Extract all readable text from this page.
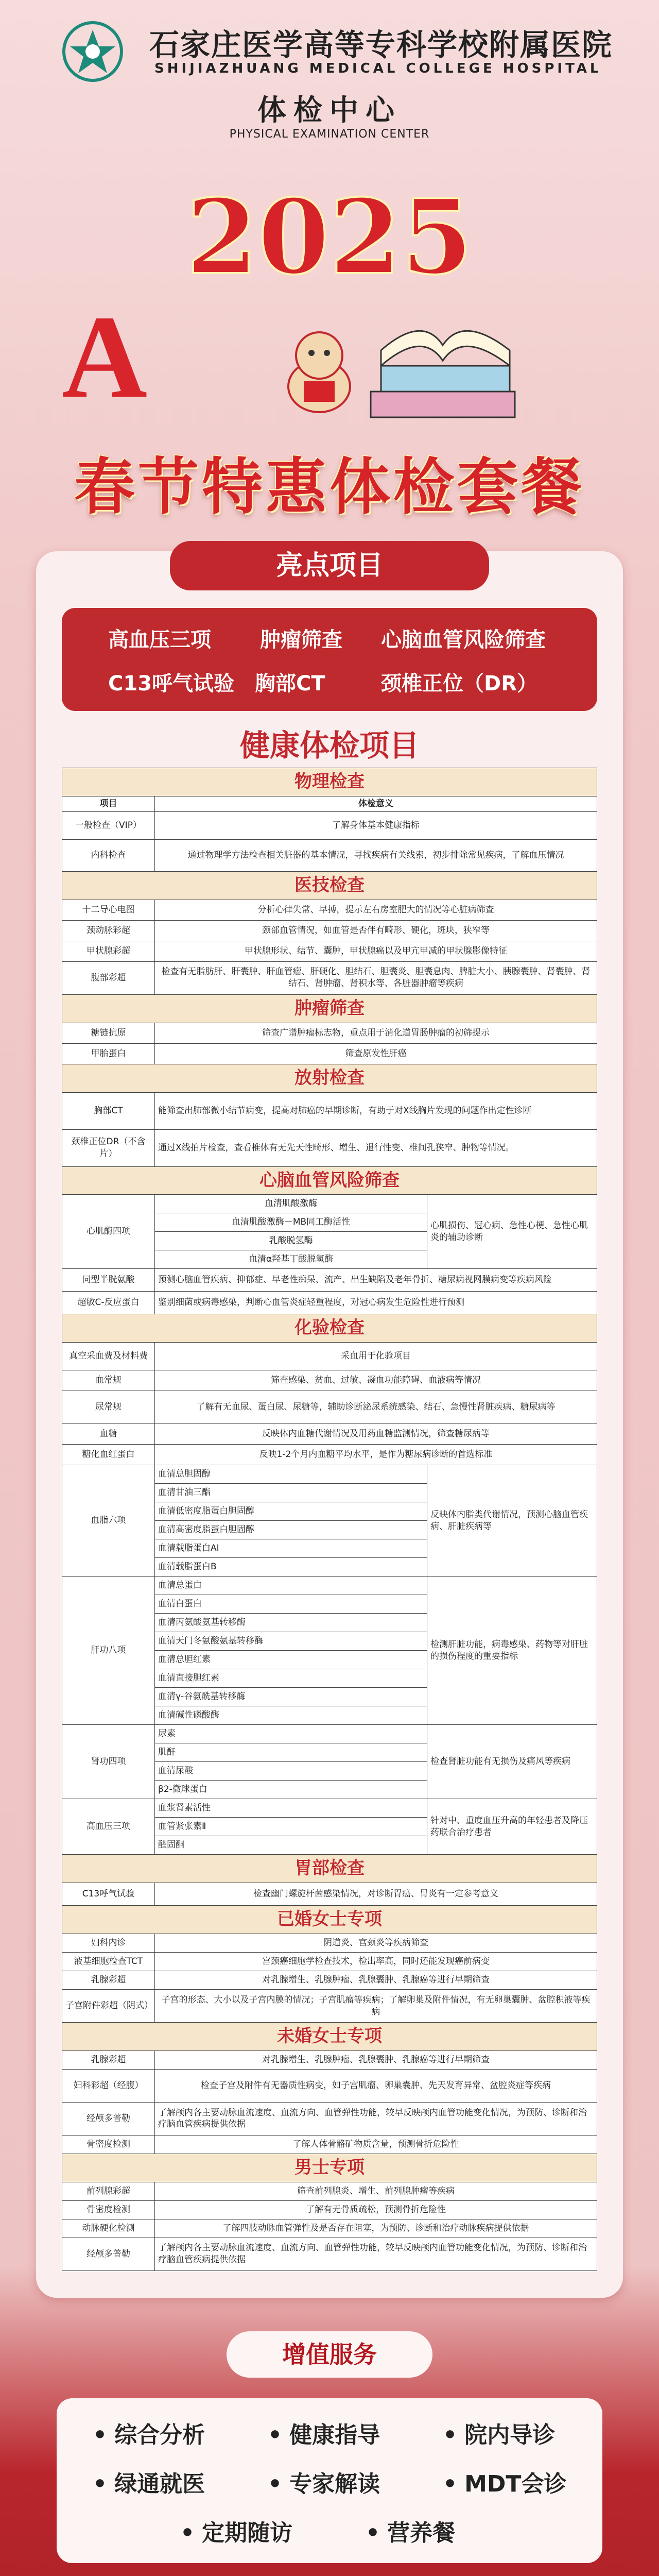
石家庄医学高等专科学校附属医院
SHIJIAZHUANG MEDICAL COLLEGE HOSPITAL
体检中心
PHYSICAL EXAMINATION CENTER
2025
A
春节特惠体检套餐
亮点项目
高血压三项 肿瘤筛查 心脑血管风险筛查
C13呼气试验 胸部CT	颈椎正位（DR）
健康体检项目
物理检查		
项目	体检意义	
一般检查（VIP）	了解身体基本健康指标	
内科检查	通过物理学方法检查相关脏器的基本情况，寻找疾病有关线索，初步排除常见疾病，了解血压情况	
医技检查		
十二导心电图	分析心律失常、早搏，提示左右房室肥大的情况等心脏病筛查	
颈动脉彩超	颈部血管情况，如血管是否伴有畸形、硬化，斑块，狭窄等	
甲状腺彩超	甲状腺形状、结节、囊肿，甲状腺癌以及甲亢甲减的甲状腺影像特征	
腹部彩超	检查有无脂肪肝、肝囊肿、肝血管瘤、肝硬化、胆结石、胆囊炎、胆囊息肉、脾脏大小、胰腺囊肿、肾囊肿、肾结石、肾肿瘤、肾积水等、各脏器肿瘤等疾病	
肿瘤筛查		
糖链抗原	筛查广谱肿瘤标志物，重点用于消化道胃肠肿瘤的初筛提示	
甲胎蛋白	筛查原发性肝癌	
放射检查		
胸部CT	能筛查出肺部微小结节病变，提高对肺癌的早期诊断，有助于对X线胸片发现的问题作出定性诊断	
颈椎正位DR（不含片）	通过X线拍片检查，查看椎体有无先天性畸形、增生、退行性变、椎间孔狭窄、肿物等情况。	
心脑血管风险筛查		
心肌酶四项	血清肌酸激酶	心肌损伤、冠心病、急性心梗、急性心肌炎的辅助诊断
	血清肌酸激酶－MB同工酶活性	
	乳酸脱氢酶	
	血清α羟基丁酸脱氢酶	
同型半胱氨酸	预测心脑血管疾病、抑郁症、早老性痴呆、流产、出生缺陷及老年骨折、糖尿病视网膜病变等疾病风险	
超敏C-反应蛋白	鉴别细菌或病毒感染，判断心血管炎症轻重程度，对冠心病发生危险性进行预测	
化验检查		
真空采血费及材料费	采血用于化验项目	
血常规	筛查感染、贫血、过敏、凝血功能障碍、血液病等情况	
尿常规	了解有无血尿、蛋白尿、尿糖等，辅助诊断泌尿系统感染、结石、急慢性肾脏疾病、糖尿病等	
血糖	反映体内血糖代谢情况及用药血糖监测情况，筛查糖尿病等	
糖化血红蛋白	反映1-2个月内血糖平均水平，是作为糖尿病诊断的首选标准	
血脂六项	血清总胆固醇	反映体内脂类代谢情况，预测心脑血管疾病、肝脏疾病等
	血清甘油三酯	
	血清低密度脂蛋白胆固醇	
	血清高密度脂蛋白胆固醇	
	血清载脂蛋白AI	
	血清载脂蛋白B	
肝功八项	血清总蛋白	检测肝脏功能，病毒感染、药物等对肝脏的损伤程度的重要指标
	血清白蛋白	
	血清丙氨酸氨基转移酶	
	血清天门冬氨酸氨基转移酶	
	血清总胆红素	
	血清直接胆红素	
	血清γ-谷氨酰基转移酶	
	血清碱性磷酸酶	
肾功四项	尿素	检查肾脏功能有无损伤及痛风等疾病
	肌酐	
	血清尿酸	
	β2-微球蛋白	
高血压三项	血浆肾素活性	针对中、重度血压升高的年轻患者及降压药联合治疗患者
	血管紧张素Ⅱ	
	醛固酮	
胃部检查		
C13呼气试验	检查幽门螺旋杆菌感染情况，对诊断胃癌、胃炎有一定参考意义	
已婚女士专项		
妇科内诊	阴道炎、宫颈炎等疾病筛查	
液基细胞检查TCT	宫颈癌细胞学检查技术，检出率高，同时还能发现癌前病变	
乳腺彩超	对乳腺增生、乳腺肿瘤、乳腺囊肿、乳腺癌等进行早期筛查	
子宫附件彩超（阴式）	子宫的形态、大小以及子宫内膜的情况；子宫肌瘤等疾病；了解卵巢及附件情况，有无卵巢囊肿、盆腔积液等疾病	
未婚女士专项		
乳腺彩超	对乳腺增生、乳腺肿瘤、乳腺囊肿、乳腺癌等进行早期筛查	
妇科彩超（经腹）	检查子宫及附件有无器质性病变，如子宫肌瘤、卵巢囊肿、先天发育异常、盆腔炎症等疾病	
经颅多普勒	了解颅内各主要动脉血流速度、血流方向、血管弹性功能，较早反映颅内血管功能变化情况，为预防、诊断和治疗脑血管疾病提供依据	
骨密度检测	了解人体骨骼矿物质含量，预测骨折危险性	
男士专项		
前列腺彩超	筛查前列腺炎、增生、前列腺肿瘤等疾病	
骨密度检测	了解有无骨质疏松，预测骨折危险性	
动脉硬化检测	了解四肢动脉血管弹性及是否存在阻塞，为预防、诊断和治疗动脉疾病提供依据	
经颅多普勒	了解颅内各主要动脉血流速度、血流方向、血管弹性功能，较早反映颅内血管功能变化情况，为预防、诊断和治疗脑血管疾病提供依据	
增值服务
• 综合分析	• 健康指导	• 院内导诊
• 绿通就医	• 专家解读	• MDT会诊
• 定期随访	• 营养餐
